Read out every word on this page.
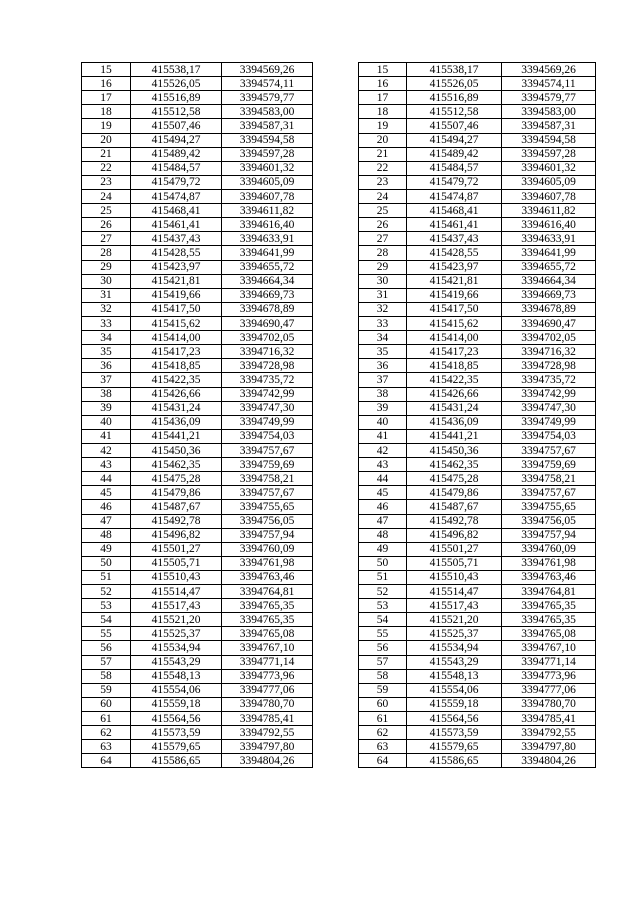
15	415538,17	3394569,26		15	415538,17	3394569,26
16	415526,05	3394574,11		16	415526,05	3394574,11
17	415516,89	3394579,77		17	415516,89	3394579,77
18	415512,58	3394583,00		18	415512,58	3394583,00
19	415507,46	3394587,31		19	415507,46	3394587,31
20	415494,27	3394594,58		20	415494,27	3394594,58
21	415489,42	3394597,28		21	415489,42	3394597,28
22	415484,57	3394601,32		22	415484,57	3394601,32
23	415479,72	3394605,09		23	415479,72	3394605,09
24	415474,87	3394607,78		24	415474,87	3394607,78
25	415468,41	3394611,82		25	415468,41	3394611,82
26	415461,41	3394616,40		26	415461,41	3394616,40
27	415437,43	3394633,91		27	415437,43	3394633,91
28	415428,55	3394641,99		28	415428,55	3394641,99
29	415423,97	3394655,72		29	415423,97	3394655,72
30	415421,81	3394664,34		30	415421,81	3394664,34
31	415419,66	3394669,73		31	415419,66	3394669,73
32	415417,50	3394678,89		32	415417,50	3394678,89
33	415415,62	3394690,47		33	415415,62	3394690,47
34	415414,00	3394702,05		34	415414,00	3394702,05
35	415417,23	3394716,32		35	415417,23	3394716,32
36	415418,85	3394728,98		36	415418,85	3394728,98
37	415422,35	3394735,72		37	415422,35	3394735,72
38	415426,66	3394742,99		38	415426,66	3394742,99
39	415431,24	3394747,30		39	415431,24	3394747,30
40	415436,09	3394749,99		40	415436,09	3394749,99
41	415441,21	3394754,03		41	415441,21	3394754,03
42	415450,36	3394757,67		42	415450,36	3394757,67
43	415462,35	3394759,69		43	415462,35	3394759,69
44	415475,28	3394758,21		44	415475,28	3394758,21
45	415479,86	3394757,67		45	415479,86	3394757,67
46	415487,67	3394755,65		46	415487,67	3394755,65
47	415492,78	3394756,05		47	415492,78	3394756,05
48	415496,82	3394757,94		48	415496,82	3394757,94
49	415501,27	3394760,09		49	415501,27	3394760,09
50	415505,71	3394761,98		50	415505,71	3394761,98
51	415510,43	3394763,46		51	415510,43	3394763,46
52	415514,47	3394764,81		52	415514,47	3394764,81
53	415517,43	3394765,35		53	415517,43	3394765,35
54	415521,20	3394765,35		54	415521,20	3394765,35
55	415525,37	3394765,08		55	415525,37	3394765,08
56	415534,94	3394767,10		56	415534,94	3394767,10
57	415543,29	3394771,14		57	415543,29	3394771,14
58	415548,13	3394773,96		58	415548,13	3394773,96
59	415554,06	3394777,06		59	415554,06	3394777,06
60	415559,18	3394780,70		60	415559,18	3394780,70
61	415564,56	3394785,41		61	415564,56	3394785,41
62	415573,59	3394792,55		62	415573,59	3394792,55
63	415579,65	3394797,80		63	415579,65	3394797,80
64	415586,65	3394804,26		64	415586,65	3394804,26
